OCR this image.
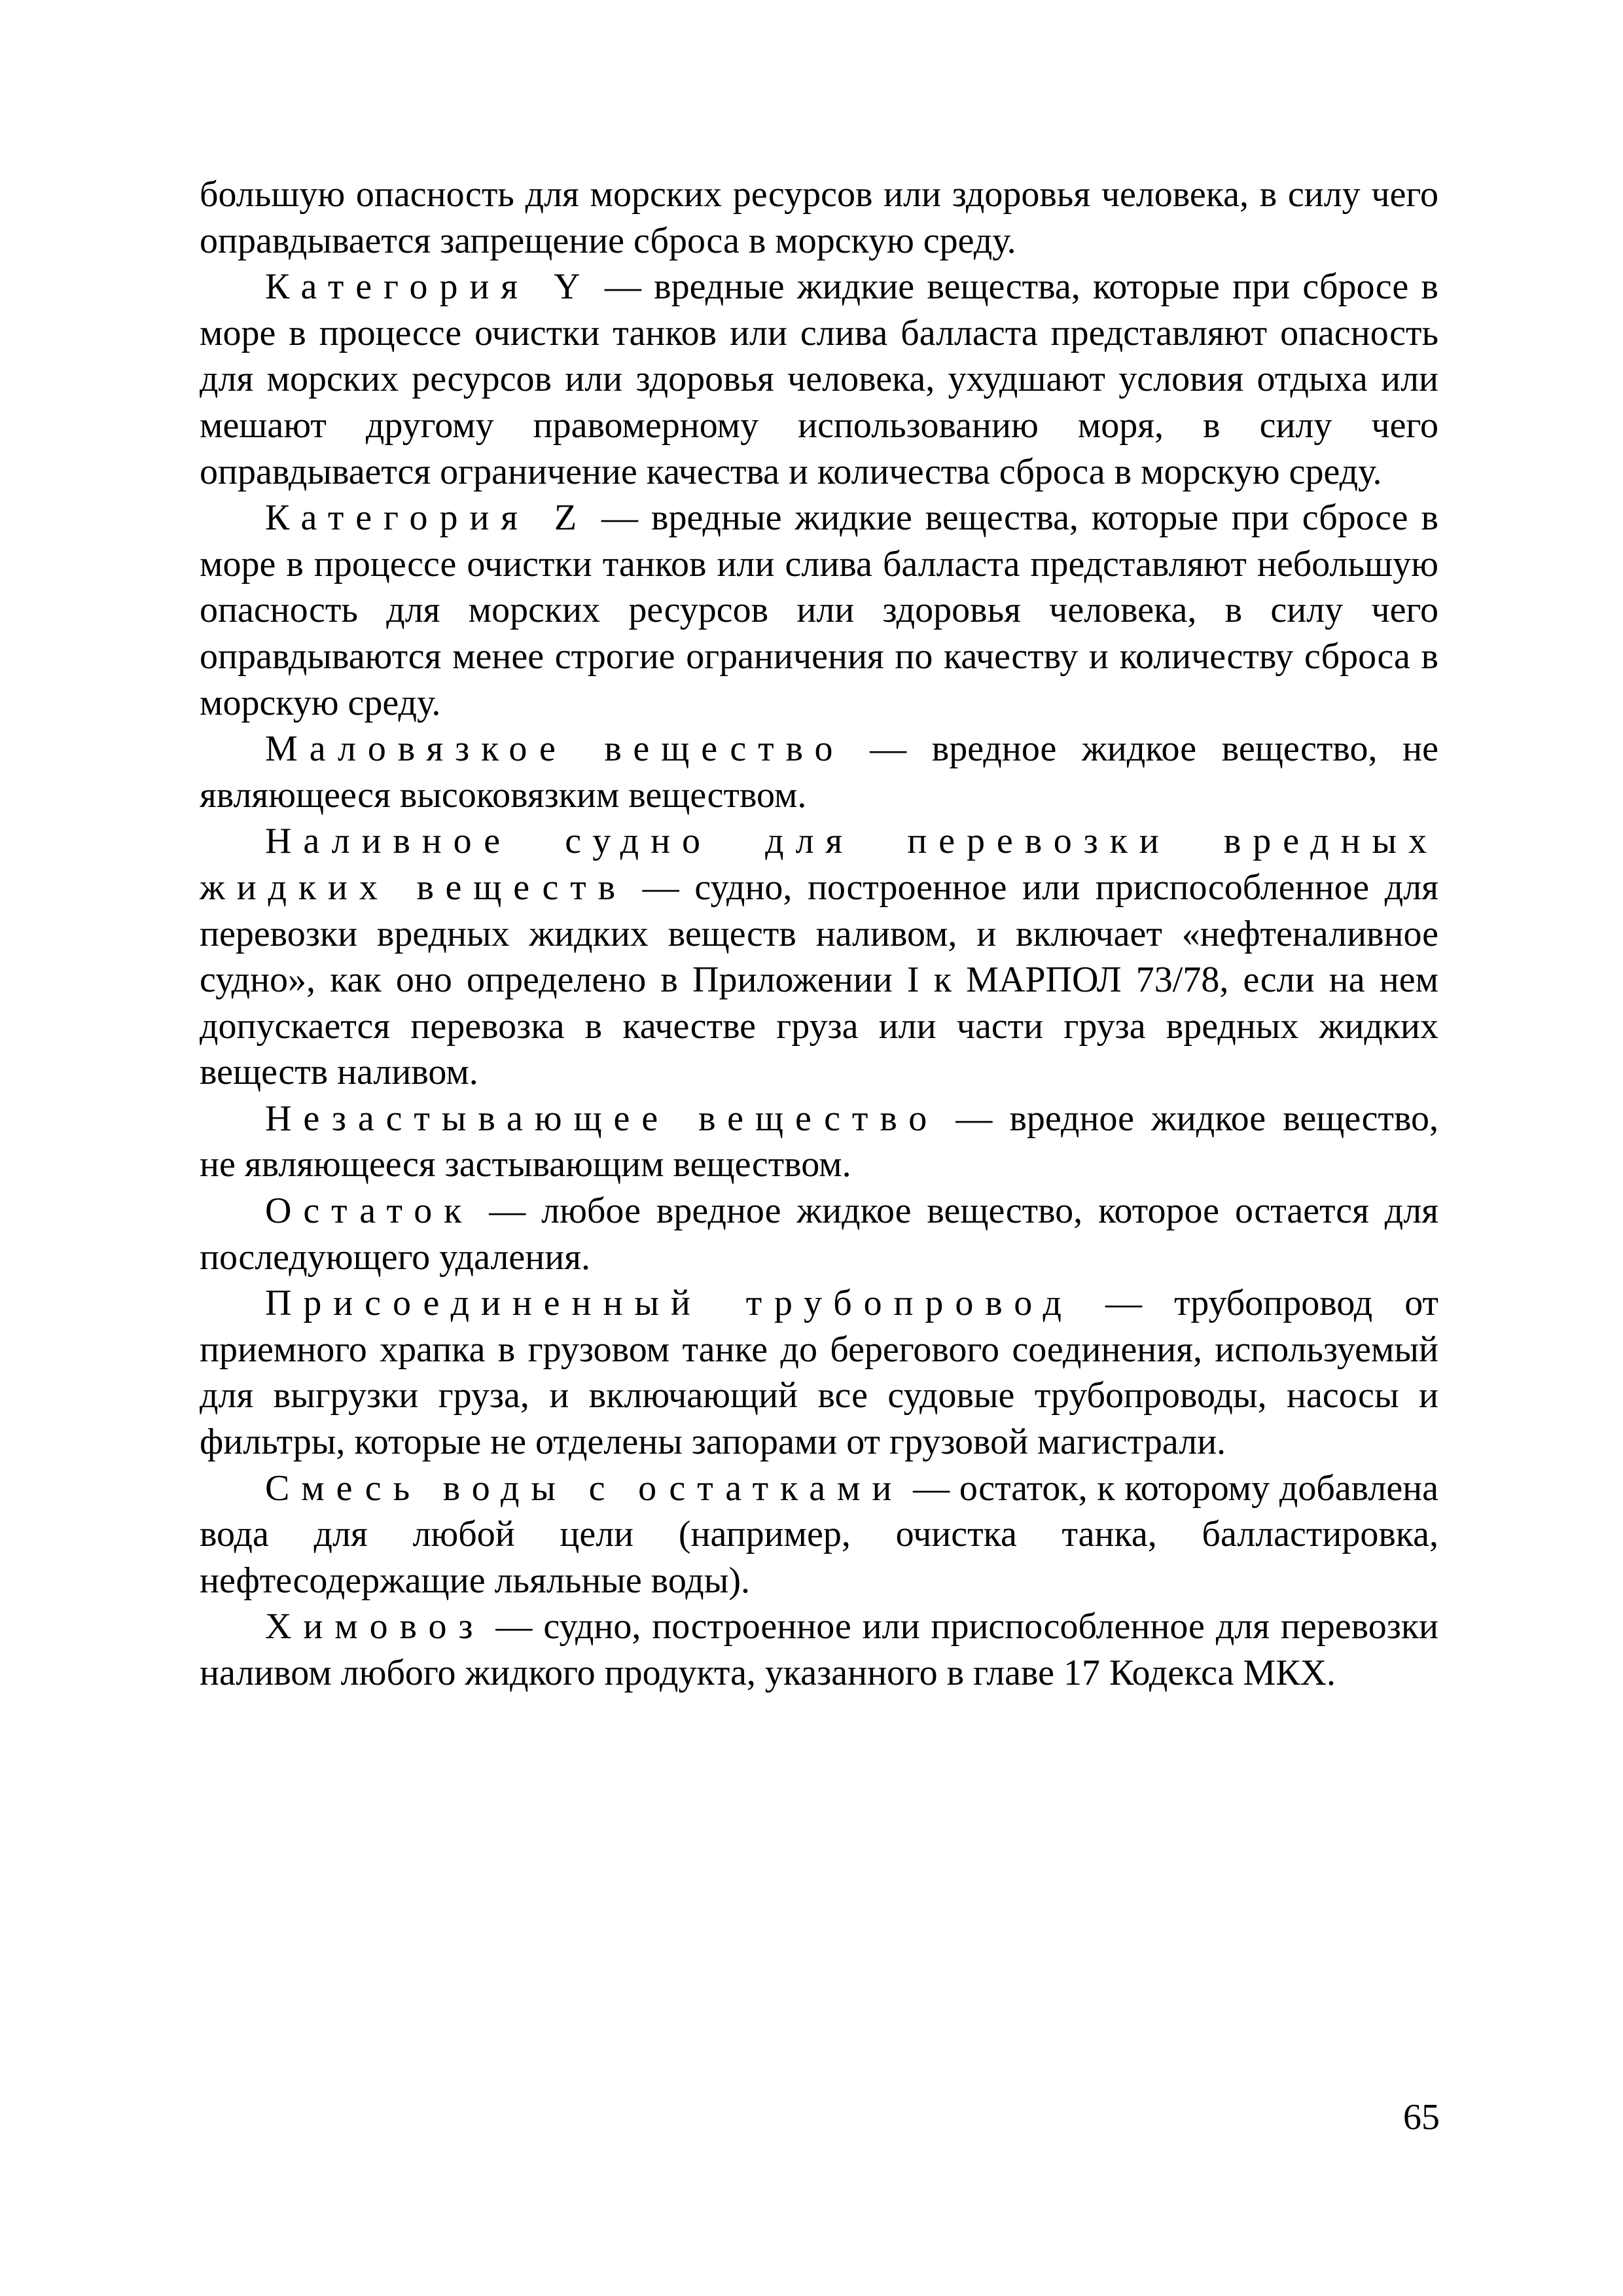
большую опасность для морских ресурсов или здоровья человека, в силу чего оправдывается запрещение сброса в морскую среду.

Категория Y — вредные жидкие вещества, которые при сбросе в море в процессе очистки танков или слива балласта представляют опасность для морских ресурсов или здоровья человека, ухудшают условия отдыха или мешают другому правомерному использованию моря, в силу чего оправдывается ограничение качества и количества сброса в морскую среду.

Категория Z — вредные жидкие вещества, которые при сбросе в море в процессе очистки танков или слива балласта представляют небольшую опасность для морских ресурсов или здоровья человека, в силу чего оправдываются менее строгие ограничения по качеству и количеству сброса в морскую среду.

Маловязкое вещество — вредное жидкое вещество, не являющееся высоковязким веществом.

Наливное судно для перевозки вредных жидких веществ — судно, построенное или приспособленное для перевозки вредных жидких веществ наливом, и включает «нефтеналивное судно», как оно определено в Приложении I к МАРПОЛ 73/78, если на нем допускается перевозка в качестве груза или части груза вредных жидких веществ наливом.

Незастывающее вещество — вредное жидкое вещество, не являющееся застывающим веществом.

Остаток — любое вредное жидкое вещество, которое остается для последующего удаления.

Присоединенный трубопровод — трубопровод от приемного храпка в грузовом танке до берегового соединения, используемый для выгрузки груза, и включающий все судовые трубопроводы, насосы и фильтры, которые не отделены запорами от грузовой магистрали.

Смесь воды с остатками — остаток, к которому добавлена вода для любой цели (например, очистка танка, балластировка, нефтесодержащие льяльные воды).

Химовоз — судно, построенное или приспособленное для перевозки наливом любого жидкого продукта, указанного в главе 17 Кодекса МКХ.

65
